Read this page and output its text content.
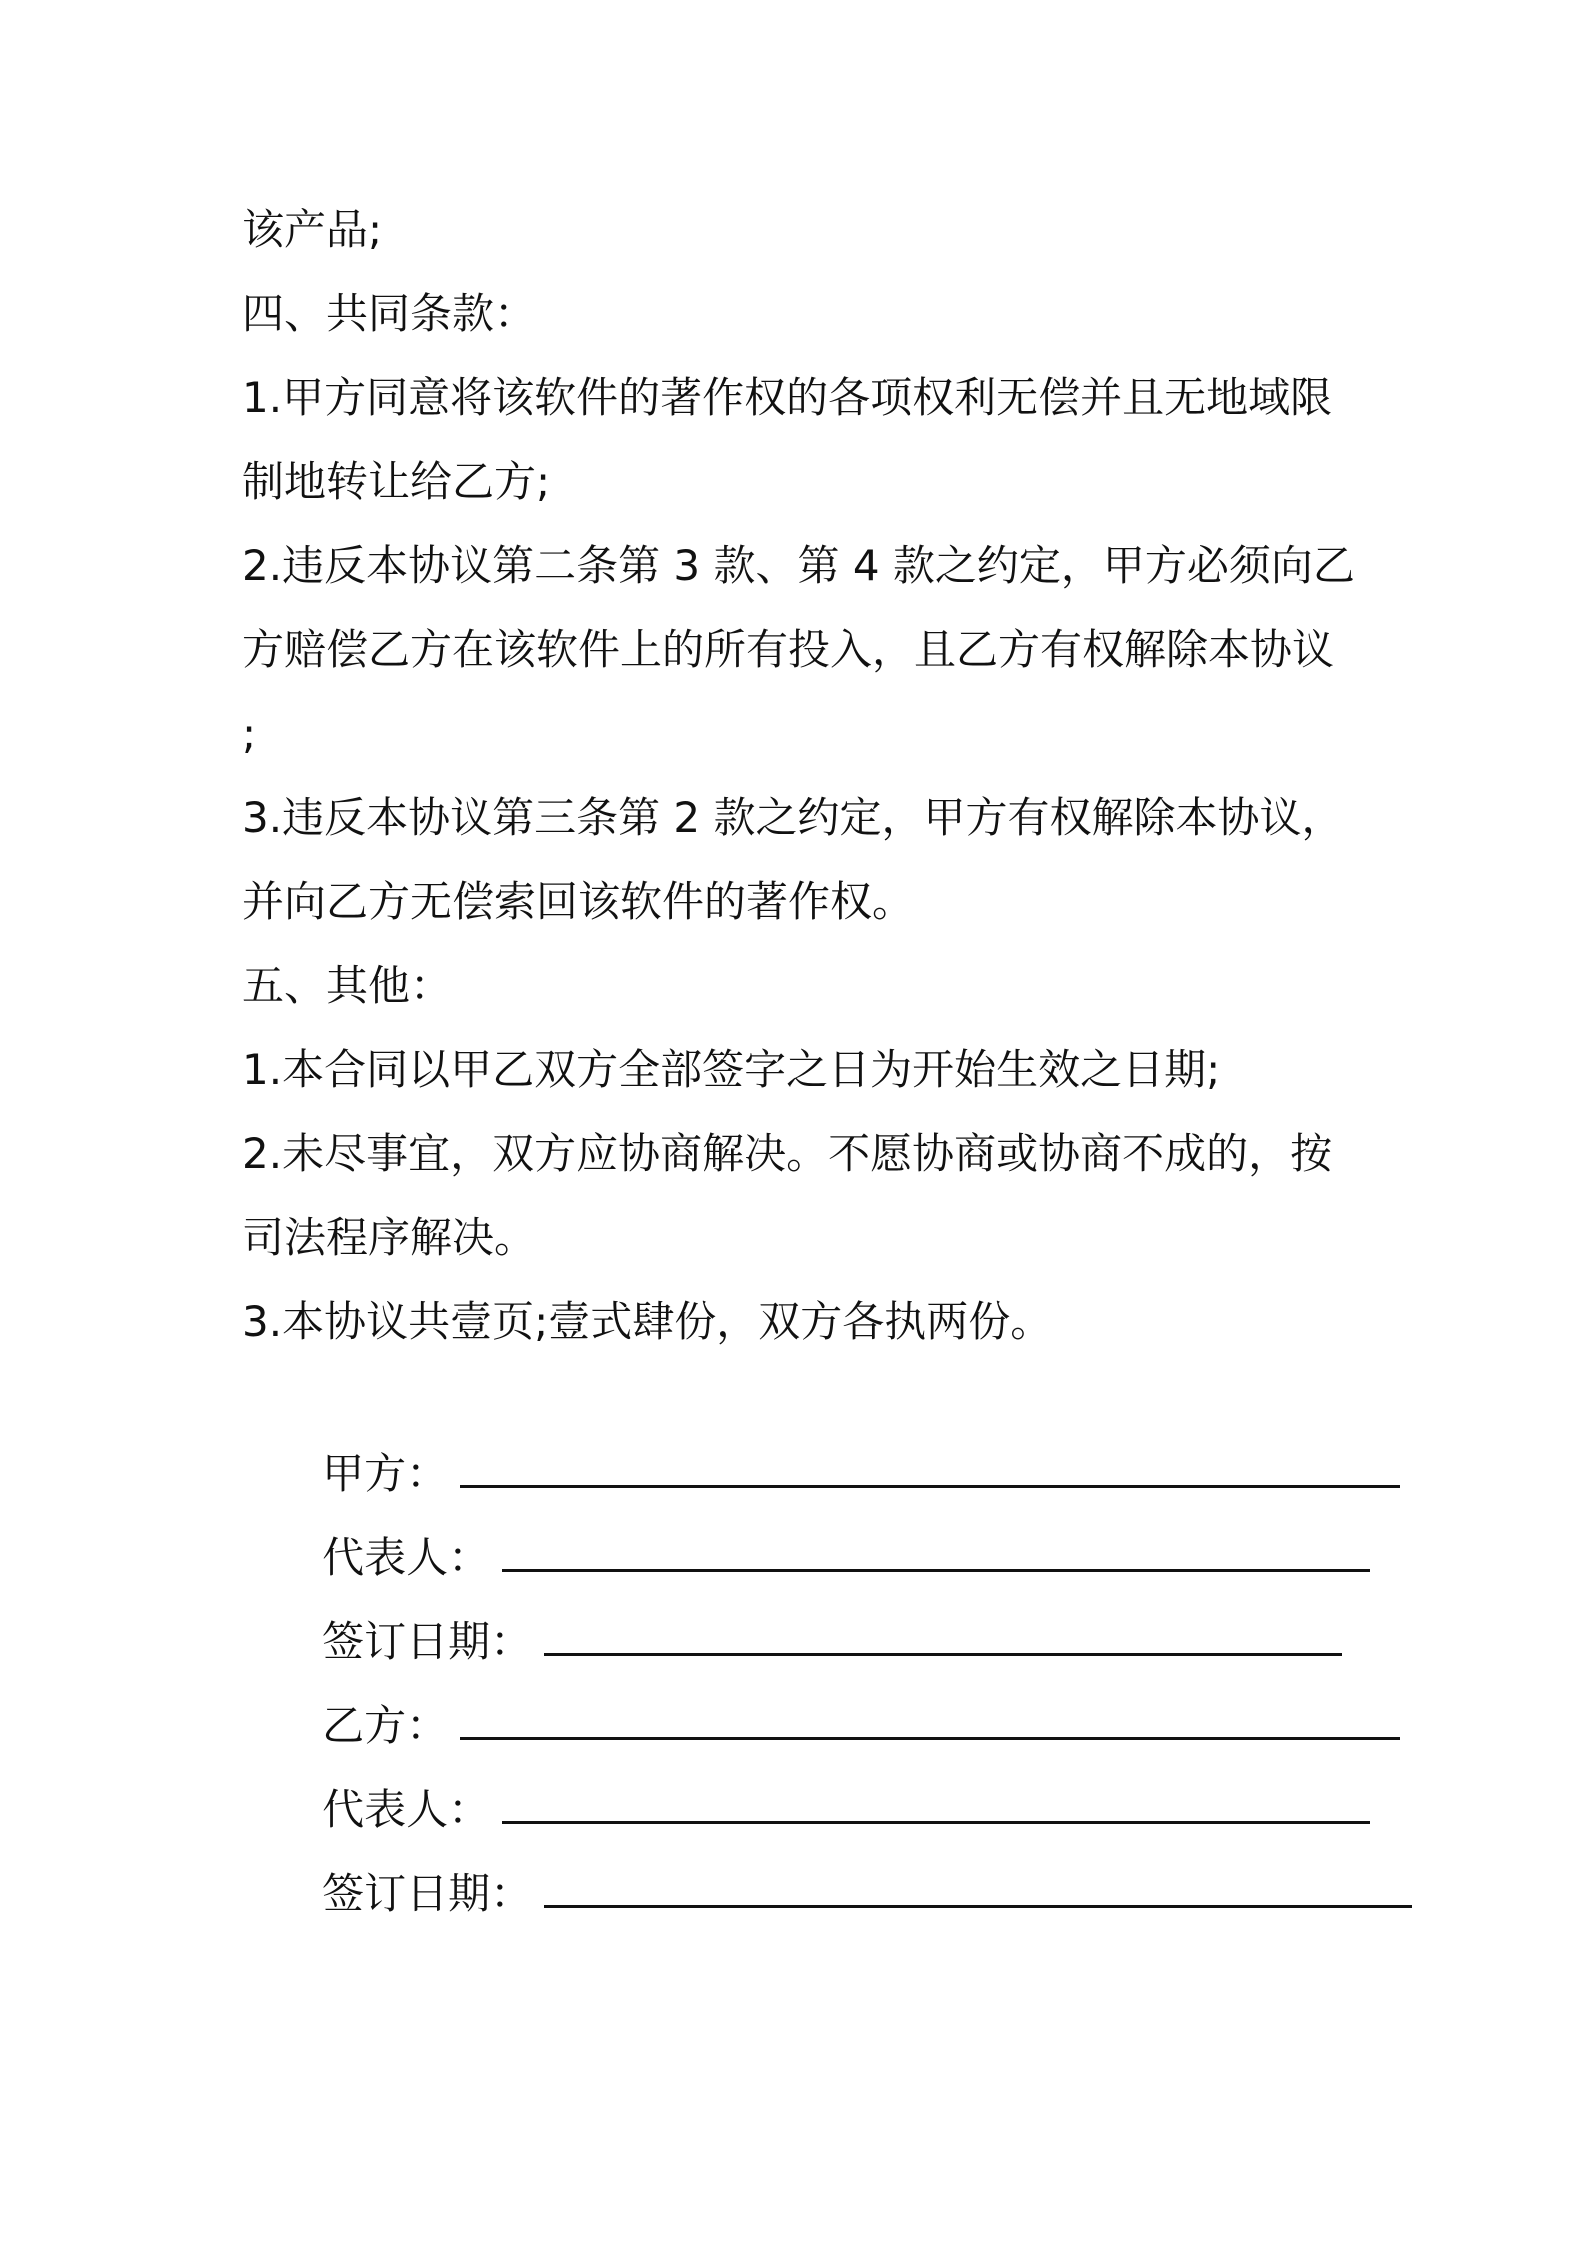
该产品;
四、共同条款：
1.甲方同意将该软件的著作权的各项权利无偿并且无地域限
制地转让给乙方;
2.违反本协议第二条第 3 款、第 4 款之约定，甲方必须向乙
方赔偿乙方在该软件上的所有投入，且乙方有权解除本协议
;
3.违反本协议第三条第 2 款之约定，甲方有权解除本协议，
并向乙方无偿索回该软件的著作权。
五、其他：
1.本合同以甲乙双方全部签字之日为开始生效之日期;
2.未尽事宜，双方应协商解决。不愿协商或协商不成的，按
司法程序解决。
3.本协议共壹页;壹式肆份，双方各执两份。

甲方：

代表人：

签订日期：

乙方：

代表人：

签订日期：
